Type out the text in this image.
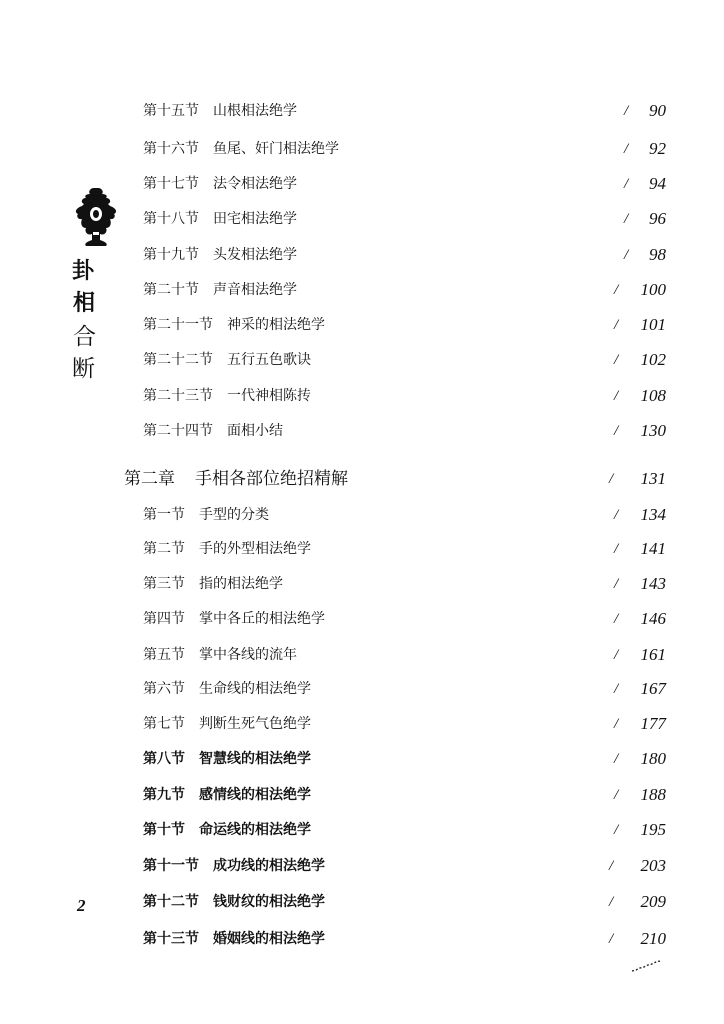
卦
相
合
断
2
第十五节 山根相法绝学	/	90
第十六节 鱼尾、奸门相法绝学	/	92
第十七节 法令相法绝学	/	94
第十八节 田宅相法绝学	/	96
第十九节 头发相法绝学	/	98
第二十节 声音相法绝学	/	100
第二十一节 神采的相法绝学	/	101
第二十二节 五行五色歌诀	/	102
第二十三节 一代神相陈抟	/	108
第二十四节 面相小结	/	130
第二章 手相各部位绝招精解	/	131
第一节 手型的分类	/	134
第二节 手的外型相法绝学	/	141
第三节 指的相法绝学	/	143
第四节 掌中各丘的相法绝学	/	146
第五节 掌中各线的流年	/	161
第六节 生命线的相法绝学	/	167
第七节 判断生死气色绝学	/	177
第八节 智慧线的相法绝学	/	180
第九节 感情线的相法绝学	/	188
第十节 命运线的相法绝学	/	195
第十一节 成功线的相法绝学	/	203
第十二节 钱财纹的相法绝学	/	209
第十三节 婚姻线的相法绝学	/	210
